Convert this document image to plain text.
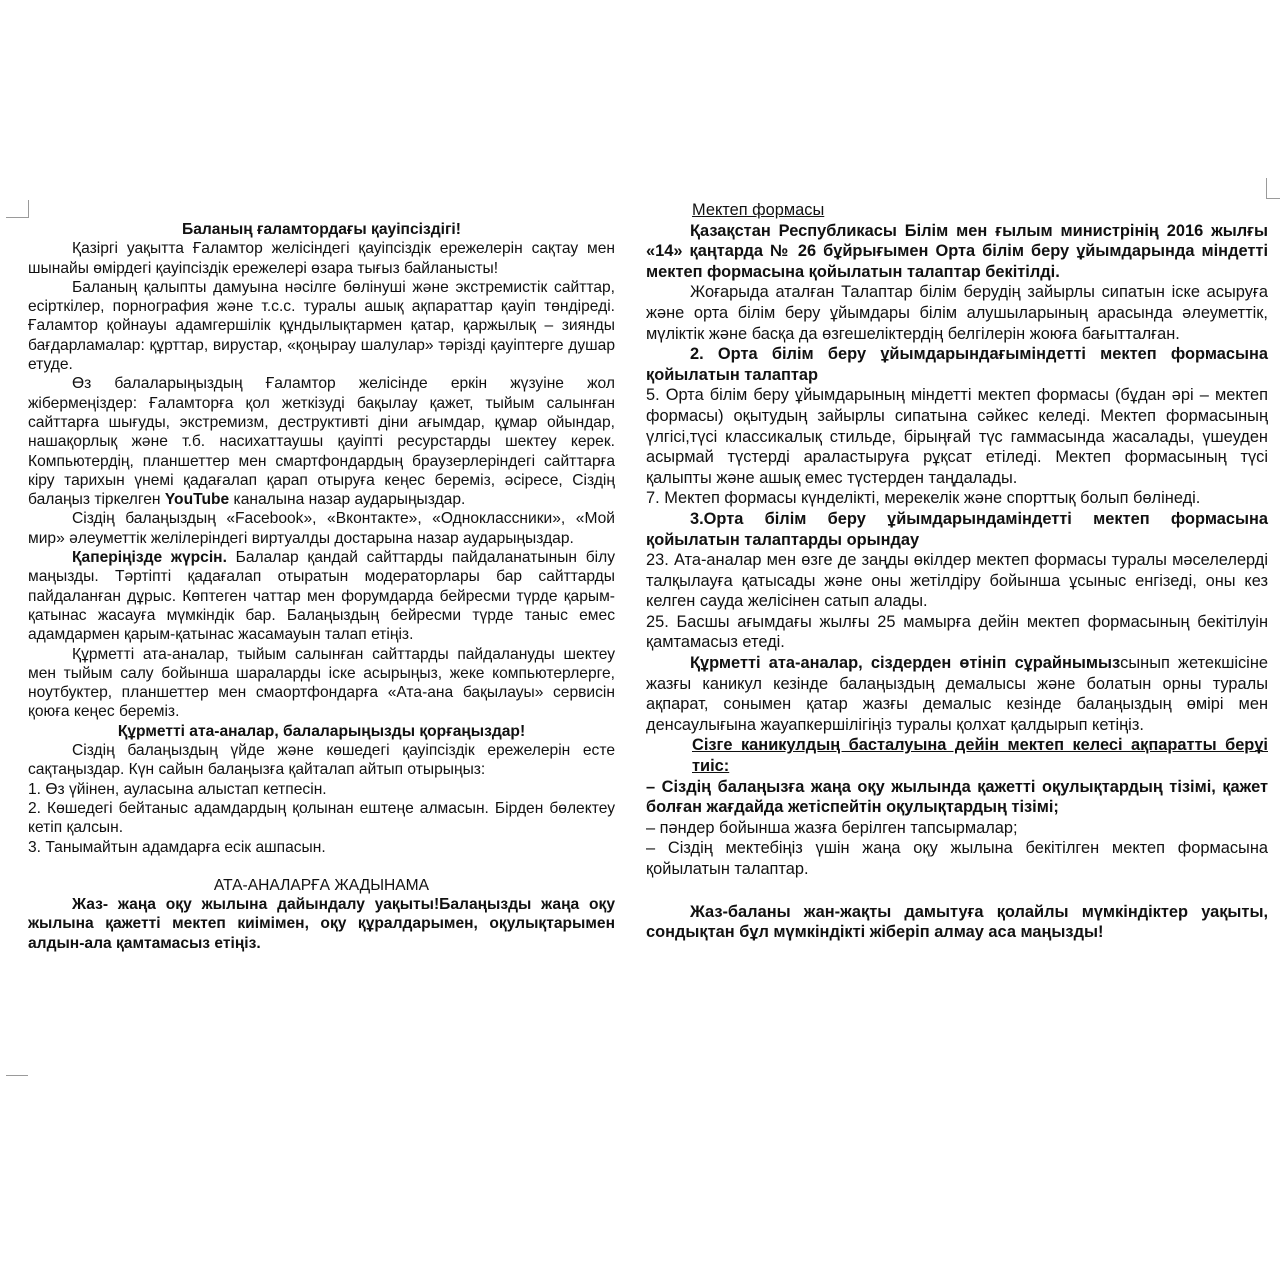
Баланың ғаламтордағы қауіпсіздігі!

Қазіргі уақытта Ғаламтор желісіндегі қауіпсіздік ережелерін сақтау мен шынайы өмірдегі қауіпсіздік ережелері өзара тығыз байланысты!

Баланың қалыпты дамуына нәсілге бөлінуші және экстремистік сайттар, есірткілер, порнография және т.с.с. туралы ашық ақпараттар қауіп төндіреді. Ғаламтор қойнауы адамгершілік құндылықтармен қатар, қаржылық – зиянды бағдарламалар: құрттар, вирустар, «қоңырау шалулар» тәрізді қауіптерге душар етуде.

Өз балаларыңыздың Ғаламтор желісінде еркін жүзуіне жол жібермеңіздер: Ғаламторға қол жеткізуді бақылау қажет, тыйым салынған сайттарға шығуды, экстремизм, деструктивті діни ағымдар, құмар ойындар, нашақорлық және т.б. насихаттаушы қауіпті ресурстарды шектеу керек. Компьютердің, планшеттер мен смартфондардың браузерлеріндегі сайттарға кіру тарихын үнемі қадағалап қарап отыруға кеңес береміз, әсіресе, Сіздің балаңыз тіркелген YouTube каналына назар аударыңыздар.

Сіздің балаңыздың «Facebook», «Вконтакте», «Одноклассники», «Мой мир» әлеуметтік желілеріндегі виртуалды достарына назар аударыңыздар.

Қаперіңізде жүрсін. Балалар қандай сайттарды пайдаланатынын білу маңызды. Тәртіпті қадағалап отыратын модераторлары бар сайттарды пайдаланған дұрыс. Көптеген чаттар мен форумдарда бейресми түрде қарым-қатынас жасауға мүмкіндік бар. Балаңыздың бейресми түрде таныс емес адамдармен қарым-қатынас жасамауын талап етіңіз.

Құрметті ата-аналар, тыйым салынған сайттарды пайдалануды шектеу мен тыйым салу бойынша шараларды іске асырыңыз, жеке компьютерлерге, ноутбуктер, планшеттер мен смаортфондарға «Ата-ана бақылауы» сервисін қоюға кеңес береміз.

Құрметті ата-аналар, балаларыңызды қорғаңыздар!

Сіздің балаңыздың үйде және көшедегі қауіпсіздік ережелерін есте сақтаңыздар. Күн сайын балаңызға қайталап айтып отырыңыз:

1. Өз үйінен, ауласына алыстап кетпесін.

2. Көшедегі бейтаныс адамдардың қолынан ештеңе алмасын. Бірден бөлектеу кетіп қалсын.

3. Танымайтын адамдарға есік ашпасын.

АТА-АНАЛАРҒА ЖАДЫНАМА

Жаз- жаңа оқу жылына дайындалу уақыты!Балаңызды жаңа оқу жылына қажетті мектеп киімімен, оқу құралдарымен, оқулықтарымен алдын-ала қамтамасыз етіңіз.

Мектеп формасы

Қазақстан Республикасы Білім мен ғылым министрінің 2016 жылғы «14» қаңтарда № 26 бұйрығымен Орта білім беру ұйымдарында міндетті мектеп формасына қойылатын талаптар бекітілді.

Жоғарыда аталған Талаптар білім берудің зайырлы сипатын іске асыруға және орта білім беру ұйымдары білім алушыларының арасында әлеуметтік, мүліктік және басқа да өзгешеліктердің белгілерін жоюға бағытталған.

2. Орта білім беру ұйымдарындағыміндетті мектеп формасына қойылатын талаптар

5. Орта білім беру ұйымдарының міндетті мектеп формасы (бұдан әрі – мектеп формасы) оқытудың зайырлы сипатына сәйкес келеді. Мектеп формасының үлгісі,түсі классикалық стильде, бірыңғай түс гаммасында жасалады, үшеуден асырмай түстерді араластыруға рұқсат етіледі. Мектеп формасының түсі қалыпты және ашық емес түстерден таңдалады.

7. Мектеп формасы күнделікті, мерекелік және спорттық болып бөлінеді.

3.Орта білім беру ұйымдарындаміндетті мектеп формасына қойылатын талаптарды орындау

23. Ата-аналар мен өзге де заңды өкілдер мектеп формасы туралы мәселелерді талқылауға қатысады және оны жетілдіру бойынша ұсыныс енгізеді, оны кез келген сауда желісінен сатып алады.

25. Басшы ағымдағы жылғы 25 мамырға дейін мектеп формасының бекітілуін қамтамасыз етеді.

Құрметті ата-аналар, сіздерден өтініп сұрайнымызсынып жетекшісіне жазғы каникул кезінде балаңыздың демалысы және болатын орны туралы ақпарат, сонымен қатар жазғы демалыс кезінде балаңыздың өмірі мен денсаулығына жауапкершілігіңіз туралы қолхат қалдырып кетіңіз.

Сізге каникулдың басталуына дейін мектеп келесі ақпаратты берұі тиіс:

– Сіздің балаңызға жаңа оқу жылында қажетті оқулықтардың тізімі, қажет болған жағдайда жетіспейтін оқулықтардың тізімі;

– пәндер бойынша жазға берілген тапсырмалар;

– Сіздің мектебіңіз үшін жаңа оқу жылына бекітілген мектеп формасына қойылатын талаптар.

Жаз-баланы жан-жақты дамытуға қолайлы мүмкіндіктер уақыты, сондықтан бұл мүмкіндікті жіберіп алмау аса маңызды!
